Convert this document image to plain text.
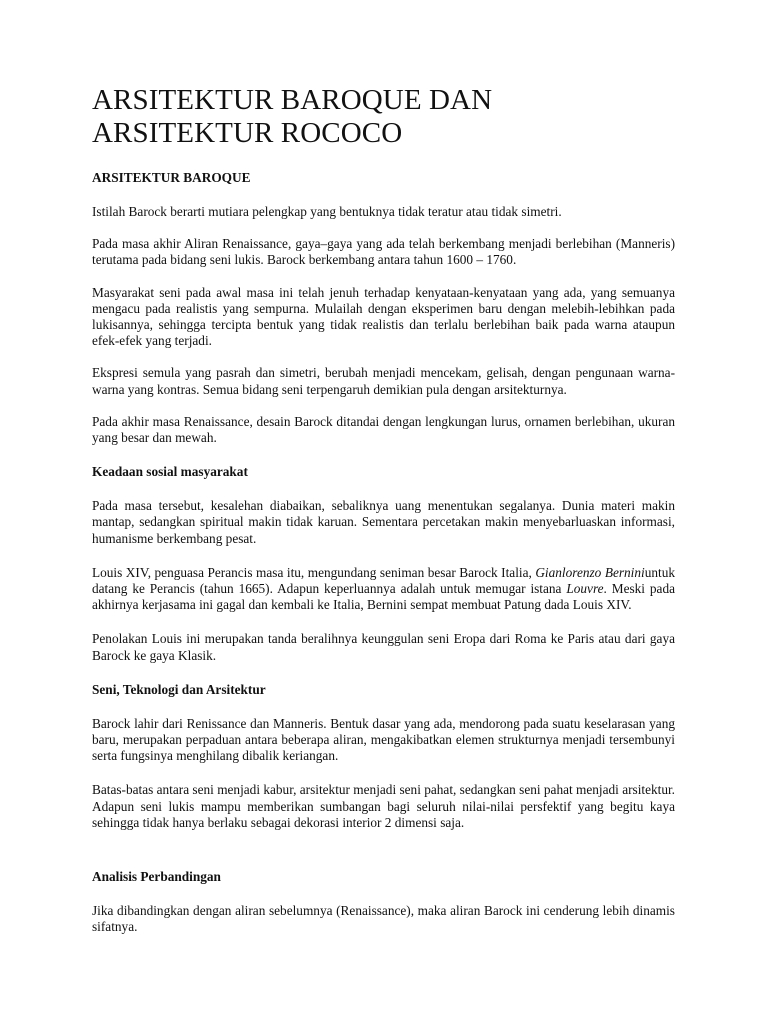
ARSITEKTUR BAROQUE DAN
ARSITEKTUR ROCOCO
ARSITEKTUR BAROQUE

Istilah Barock berarti mutiara pelengkap yang bentuknya tidak teratur atau tidak simetri.

Pada masa akhir Aliran Renaissance, gaya–gaya yang ada telah berkembang menjadi berlebihan (Manneris) terutama pada bidang seni lukis. Barock berkembang antara tahun 1600 – 1760.

Masyarakat seni pada awal masa ini telah jenuh terhadap kenyataan-kenyataan yang ada, yang semuanya mengacu pada realistis yang sempurna. Mulailah dengan eksperimen baru dengan melebih-lebihkan pada lukisannya, sehingga tercipta bentuk yang tidak realistis dan terlalu berlebihan baik pada warna ataupun efek-efek yang terjadi.

Ekspresi semula yang pasrah dan simetri, berubah menjadi mencekam, gelisah, dengan pengunaan warna-warna yang kontras. Semua bidang seni terpengaruh demikian pula dengan arsitekturnya.

Pada akhir masa Renaissance, desain Barock ditandai dengan lengkungan lurus, ornamen berlebihan, ukuran yang besar dan mewah.

Keadaan sosial masyarakat

Pada masa tersebut, kesalehan diabaikan, sebaliknya uang menentukan segalanya. Dunia materi makin mantap, sedangkan spiritual makin tidak karuan. Sementara percetakan makin menyebarluaskan informasi, humanisme berkembang pesat.

Louis XIV, penguasa Perancis masa itu, mengundang seniman besar Barock Italia, Gianlorenzo Berniniuntuk datang ke Perancis (tahun 1665). Adapun keperluannya adalah untuk memugar istana Louvre. Meski pada akhirnya kerjasama ini gagal dan kembali ke Italia, Bernini sempat membuat Patung dada Louis XIV.

Penolakan Louis ini merupakan tanda beralihnya keunggulan seni Eropa dari Roma ke Paris atau dari gaya Barock ke gaya Klasik.

Seni, Teknologi dan Arsitektur

Barock lahir dari Renissance dan Manneris. Bentuk dasar yang ada, mendorong pada suatu keselarasan yang baru, merupakan perpaduan antara beberapa aliran, mengakibatkan elemen strukturnya menjadi tersembunyi serta fungsinya menghilang dibalik keriangan.

Batas-batas antara seni menjadi kabur, arsitektur menjadi seni pahat, sedangkan seni pahat menjadi arsitektur. Adapun seni lukis mampu memberikan sumbangan bagi seluruh nilai-nilai persfektif yang begitu kaya sehingga tidak hanya berlaku sebagai dekorasi interior 2 dimensi saja.

Analisis Perbandingan

Jika dibandingkan dengan aliran sebelumnya (Renaissance), maka aliran Barock ini cenderung lebih dinamis sifatnya.
